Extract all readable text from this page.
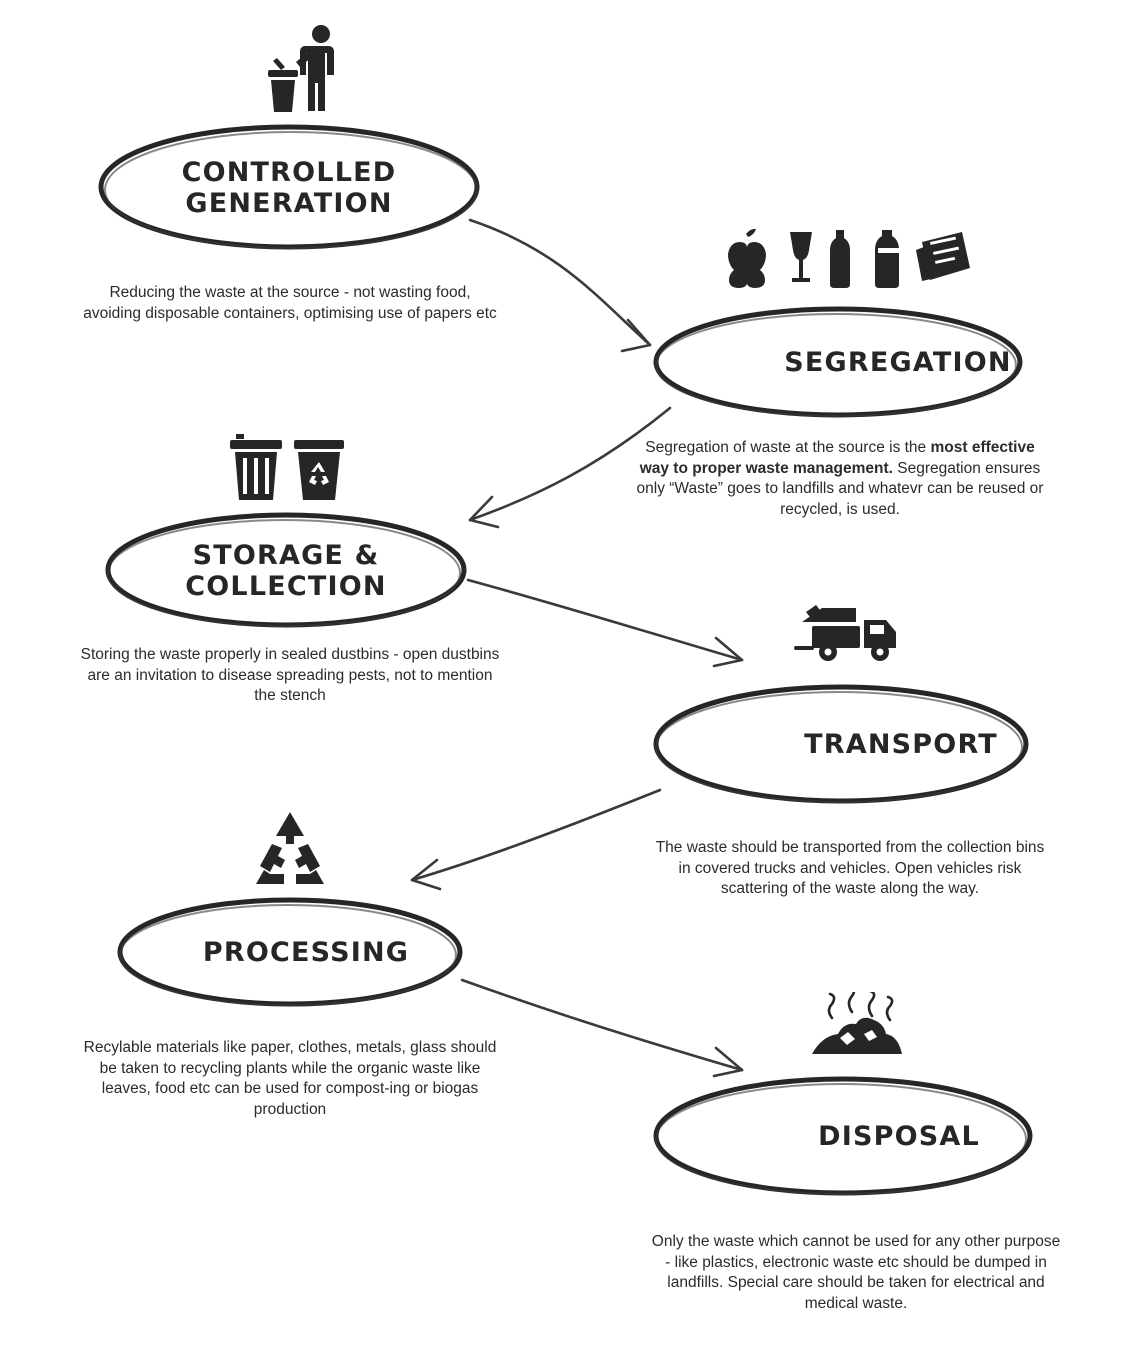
CONTROLLED GENERATION
Reducing the waste at the source - not wasting food, avoiding disposable containers, optimising use of papers etc
SEGREGATION
Segregation of waste at the source is the most effective way to proper waste management. Segregation ensures only “Waste” goes to landfills and whatevr can be reused or recycled, is used.
STORAGE & COLLECTION
Storing the waste properly in sealed dustbins - open dustbins are an invitation to disease spreading pests, not to mention the stench
TRANSPORT
The waste should be transported from the collection bins in covered trucks and vehicles. Open vehicles risk scattering of the waste along the way.
PROCESSING
Recylable materials like paper, clothes, metals, glass should be taken to recycling plants while the organic waste like leaves, food etc can be used for compost-ing or biogas production
DISPOSAL
Only the waste which cannot be used for any other purpose - like plastics, electronic waste etc should be dumped in landfills. Special care should be taken for electrical and medical waste.
